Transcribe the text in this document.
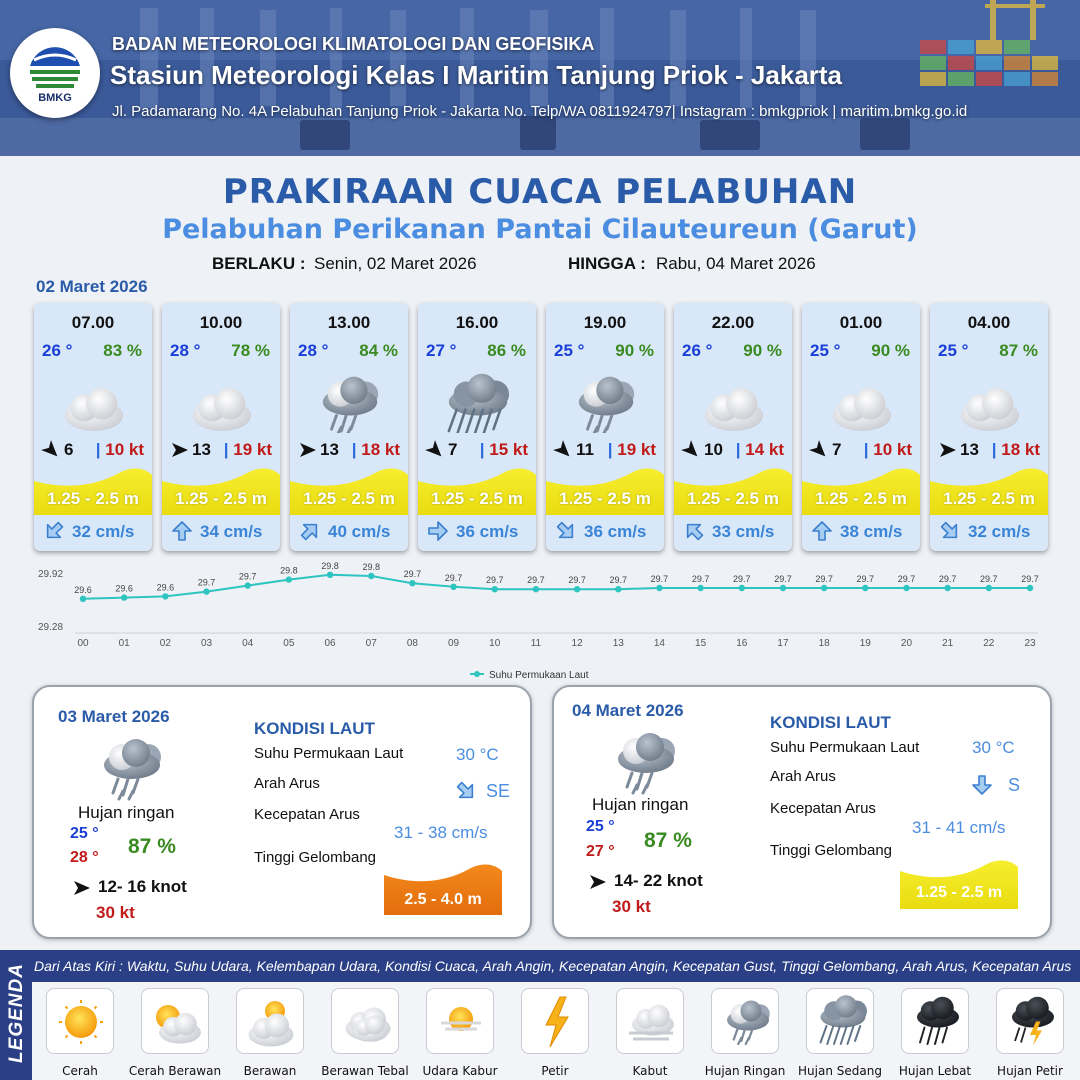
BMKG
BADAN METEOROLOGI KLIMATOLOGI DAN GEOFISIKA
Stasiun Meteorologi Kelas I Maritim Tanjung Priok - Jakarta
Jl. Padamarang No. 4A Pelabuhan Tanjung Priok - Jakarta No. Telp/WA 0811924797| Instagram : bmkgpriok | maritim.bmkg.go.id
PRAKIRAAN CUACA PELABUHAN
Pelabuhan Perikanan Pantai Cilauteureun (Garut)
BERLAKU : Senin, 02 Maret 2026	HINGGA : Rabu, 04 Maret 2026
02 Maret 2026
07.00
26 ° 83 %
6 | 10 kt
1.25 - 2.5 m
32 cm/s
10.00
28 ° 78 %
13 | 19 kt
1.25 - 2.5 m
34 cm/s
13.00
28 ° 84 %
13 | 18 kt
1.25 - 2.5 m
40 cm/s
16.00
27 ° 86 %
7 | 15 kt
1.25 - 2.5 m
36 cm/s
19.00
25 ° 90 %
11 | 19 kt
1.25 - 2.5 m
36 cm/s
22.00
26 ° 90 %
10 | 14 kt
1.25 - 2.5 m
33 cm/s
01.00
25 ° 90 %
7 | 10 kt
1.25 - 2.5 m
38 cm/s
04.00
25 ° 87 %
13 | 18 kt
1.25 - 2.5 m
32 cm/s
29.92
29.28
29.6
00
29.6
01
29.6
02
29.7
03
29.7
04
29.8
05
29.8
06
29.8
07
29.7
08
29.7
09
29.7
10
29.7
11
29.7
12
29.7
13
29.7
14
29.7
15
29.7
16
29.7
17
29.7
18
29.7
19
29.7
20
29.7
21
29.7
22
29.7
23
Suhu Permukaan Laut
03 Maret 2026
Hujan ringan
25 °
28 ° 87 %
12- 16 knot
30 kt
KONDISI LAUT
Suhu Permukaan Laut	30 °C
Arah Arus	SE
Kecepatan Arus
31 - 38 cm/s
Tinggi Gelombang
2.5 - 4.0 m
04 Maret 2026
Hujan ringan
25 °
27 ° 87 %
14- 22 knot
30 kt
KONDISI LAUT
Suhu Permukaan Laut	30 °C
Arah Arus	S
Kecepatan Arus
31 - 41 cm/s
Tinggi Gelombang
1.25 - 2.5 m
LEGENDA Dari Atas Kiri : Waktu, Suhu Udara, Kelembapan Udara, Kondisi Cuaca, Arah Angin, Kecepatan Angin, Kecepatan Gust, Tinggi Gelombang, Arah Arus, Kecepatan Arus
Cerah	Cerah Berawan	Berawan	Berawan Tebal	Udara Kabur	Petir	Kabut	Hujan Ringan	Hujan Sedang	Hujan Lebat	Hujan Petir
